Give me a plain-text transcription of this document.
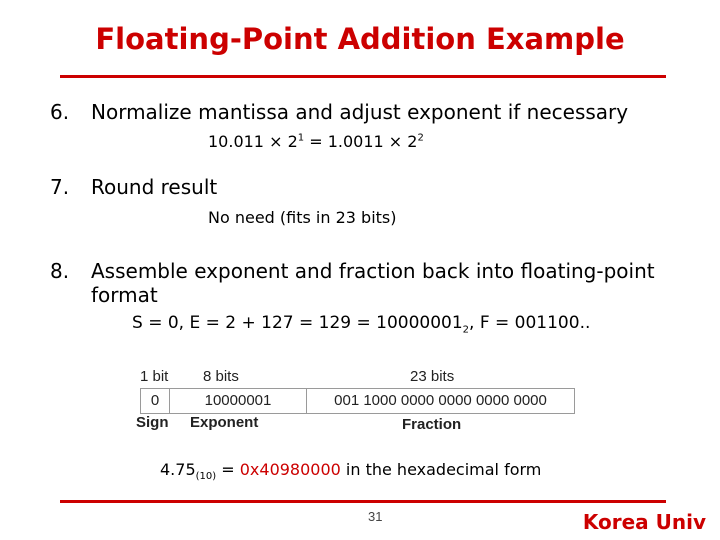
Floating-Point Addition Example
6. Normalize mantissa and adjust exponent if necessary
$10.011 \times 2^1 = 1.0011 \times 2^2$
7. Round result
No need (fits in 23 bits)
8. Assemble exponent and fraction back into floating-point
format
S = 0, $E = 2 + 127 = 129 = 10000001_2$, F = 001100..
1 bit 8 bits	23 bits
0	10000001	001 1000 0000 0000 0000 0000
Sign Exponent	Fraction
$4.75_{(10)} = 0x40980000$ in the hexadecimal form
31	Korea Univ
